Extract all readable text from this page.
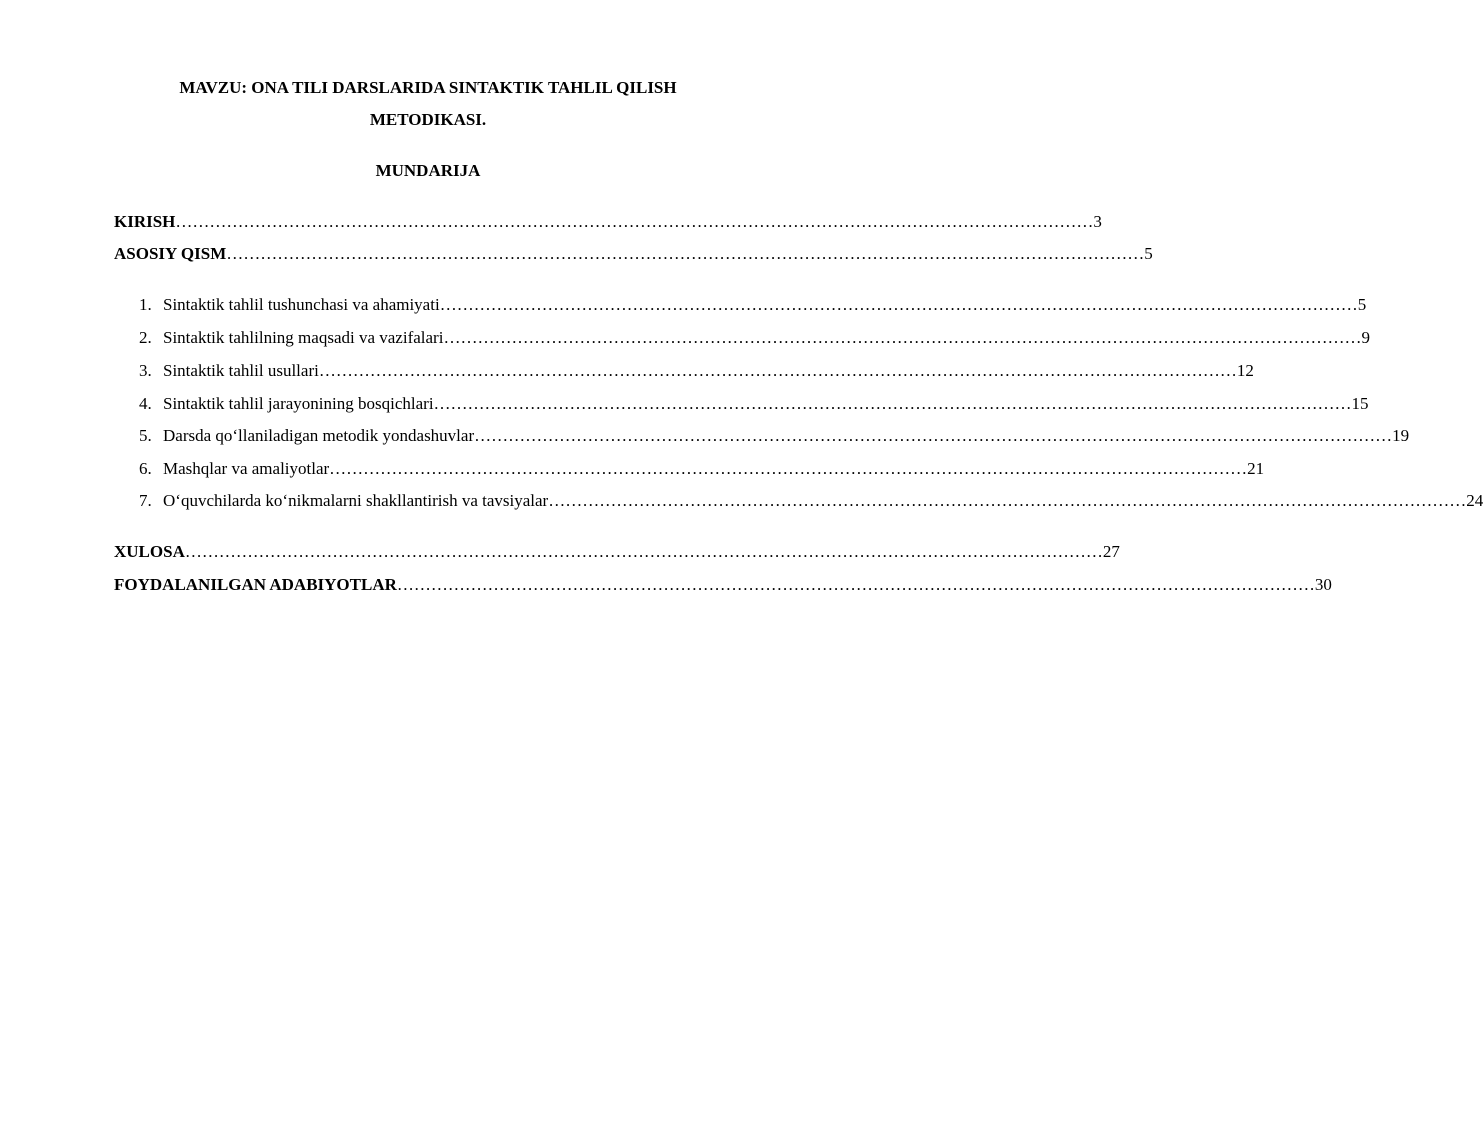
MAVZU: ONA TILI DARSLARIDA SINTAKTIK TAHLIL QILISH
METODIKASI.
MUNDARIJA
KIRISH ……………………………………………………………………………………………………………………………………………… 3
ASOSIY QISM ……………………………………………………………………………………………………………………………………………… 5
1. Sintaktik tahlil tushunchasi va ahamiyati ……………………………………………………………………………………………………………………………………………… 5
2. Sintaktik tahlilning maqsadi va vazifalari ……………………………………………………………………………………………………………………………………………… 9
3. Sintaktik tahlil usullari ……………………………………………………………………………………………………………………………………………… 12
4. Sintaktik tahlil jarayonining bosqichlari ……………………………………………………………………………………………………………………………………………… 15
5. Darsda qo‘llaniladigan metodik yondashuvlar ……………………………………………………………………………………………………………………………………………… 19
6. Mashqlar va amaliyotlar ……………………………………………………………………………………………………………………………………………… 21
7. O‘quvchilarda ko‘nikmalarni shakllantirish va tavsiyalar ……………………………………………………………………………………………………………………………………………… 24
XULOSA ……………………………………………………………………………………………………………………………………………… 27
FOYDALANILGAN ADABIYOTLAR ……………………………………………………………………………………………………………………………………………… 30
